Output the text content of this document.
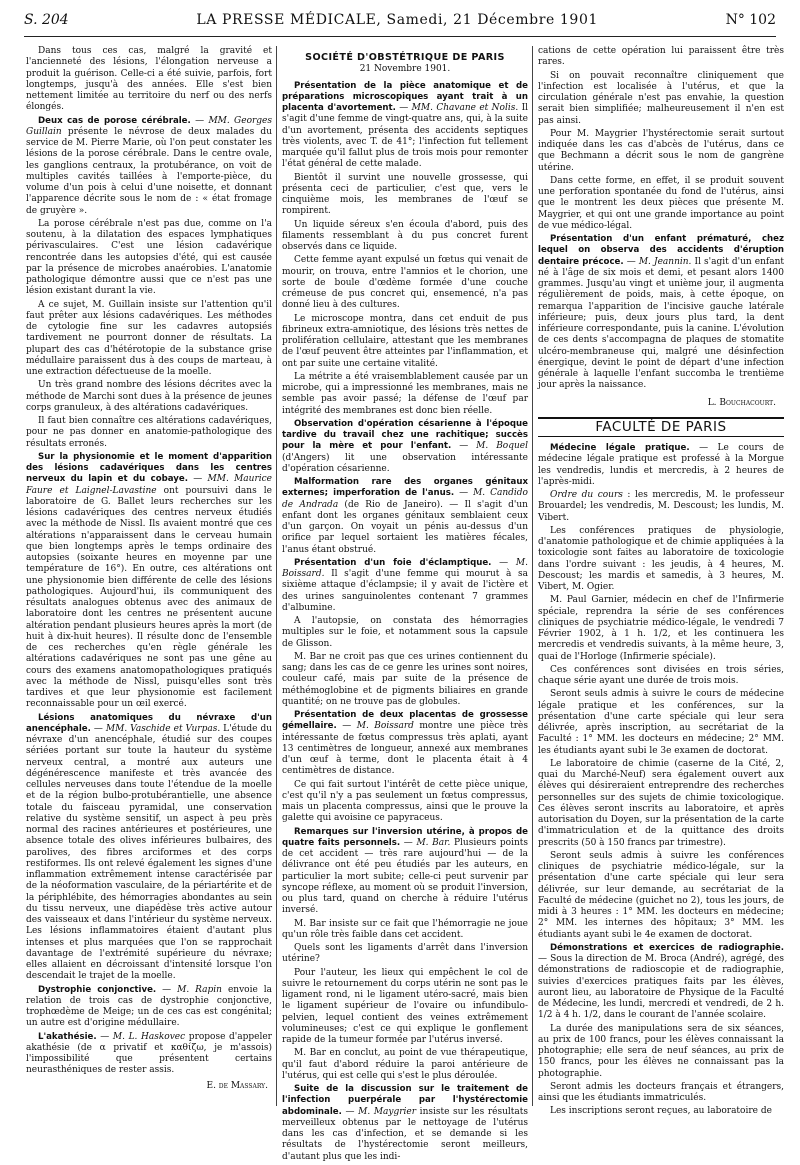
S. 204	LA PRESSE MÉDICALE, Samedi, 21 Décembre 1901	N° 102

Dans tous ces cas, malgré la gravité et l'ancienneté des lésions, l'élongation nerveuse a produit la guérison. Celle-ci a été suivie, parfois, fort longtemps, jusqu'à des années. Elle s'est bien nettement limitée au territoire du nerf ou des nerfs élongés.

Deux cas de porose cérébrale. — MM. Georges Guillain présente le névrose de deux malades du service de M. Pierre Marie, où l'on peut constater les lésions de la porose cérébrale. Dans le centre ovale, les ganglions centraux, la protubérance, on voit de multiples cavités taillées à l'emporte-pièce, du volume d'un pois à celui d'une noisette, et donnant l'apparence décrite sous le nom de : « état fromage de gruyère ».

La porose cérébrale n'est pas due, comme on l'a soutenu, à la dilatation des espaces lymphatiques périvasculaires. C'est une lésion cadavérique rencontrée dans les autopsies d'été, qui est causée par la présence de microbes anaérobies. L'anatomie pathologique démontre aussi que ce n'est pas une lésion existant durant la vie.

A ce sujet, M. Guillain insiste sur l'attention qu'il faut prêter aux lésions cadavériques. Les méthodes de cytologie fine sur les cadavres autopsiés tardivement ne pourront donner de résultats. La plupart des cas d'hétérotopie de la substance grise médullaire paraissent dus à des coups de marteau, à une extraction défectueuse de la moelle.

Un très grand nombre des lésions décrites avec la méthode de Marchi sont dues à la présence de jeunes corps granuleux, à des altérations cadavériques.

Il faut bien connaître ces altérations cadavériques, pour ne pas donner en anatomie-pathologique des résultats erronés.

Sur la physionomie et le moment d'apparition des lésions cadavériques dans les centres nerveux du lapin et du cobaye. — MM. Maurice Faure et Laignel-Lavastine ont poursuivi dans le laboratoire de G. Ballet leurs recherches sur les lésions cadavériques des centres nerveux étudiés avec la méthode de Nissl. Ils avaient montré que ces altérations n'apparaissent dans le cerveau humain que bien longtemps après le temps ordinaire des autopsies (soixante heures en moyenne par une température de 16°). En outre, ces altérations ont une physionomie bien différente de celle des lésions pathologiques. Aujourd'hui, ils communiquent des résultats analogues obtenus avec des animaux de laboratoire dont les centres ne présentent aucune altération pendant plusieurs heures après la mort (de huit à dix-huit heures). Il résulte donc de l'ensemble de ces recherches qu'en règle générale les altérations cadavériques ne sont pas une gêne au cours des examens anatomopathologiques pratiqués avec la méthode de Nissl, puisqu'elles sont très tardives et que leur physionomie est facilement reconnaissable pour un œil exercé.

Lésions anatomiques du névraxe d'un anencéphale. — MM. Vaschide et Vurpas. L'étude du névraxe d'un anencéphale, étudié sur des coupes sériées portant sur toute la hauteur du système nerveux central, a montré aux auteurs une dégénérescence manifeste et très avancée des cellules nerveuses dans toute l'étendue de la moelle et de la région bulbo-protubérantielle, une absence totale du faisceau pyramidal, une conservation relative du système sensitif, un aspect à peu près normal des racines antérieures et postérieures, une absence totale des olives inférieures bulbaires, des parolives, des fibres arciformes et des corps restiformes. Ils ont relevé également les signes d'une inflammation extrêmement intense caractérisée par de la néoformation vasculaire, de la périartérite et de la périphlébite, des hémorragies abondantes au sein du tissu nerveux, une diapédèse très active autour des vaisseaux et dans l'intérieur du système nerveux. Les lésions inflammatoires étaient d'autant plus intenses et plus marquées que l'on se rapprochait davantage de l'extrémité supérieure du névraxe; elles allaient en décroissant d'intensité lorsque l'on descendait le trajet de la moelle.

Dystrophie conjonctive. — M. Rapin envoie la relation de trois cas de dystrophie conjonctive, trophœdème de Meige; un de ces cas est congénital; un autre est d'origine médullaire.

L'akathésie. — M. L. Haskovec propose d'appeler akathésie (de α privatif et καθίζω, je m'assois) l'impossibilité que présentent certains neurasthéniques de rester assis.

E. de Massary.

SOCIÉTÉ D'OBSTÉTRIQUE DE PARIS
21 Novembre 1901.

Présentation de la pièce anatomique et de préparations microscopiques ayant trait à un placenta d'avortement. — MM. Chavane et Nolis. Il s'agit d'une femme de vingt-quatre ans, qui, à la suite d'un avortement, présenta des accidents septiques très violents, avec T. de 41°; l'infection fut tellement marquée qu'il fallut plus de trois mois pour remonter l'état général de cette malade.

Bientôt il survint une nouvelle grossesse, qui présenta ceci de particulier, c'est que, vers le cinquième mois, les membranes de l'œuf se rompirent.

Un liquide séreux s'en écoula d'abord, puis des filaments ressemblant à du pus concret furent observés dans ce liquide.

Cette femme ayant expulsé un fœtus qui venait de mourir, on trouva, entre l'amnios et le chorion, une sorte de boule d'œdème formée d'une couche crémeuse de pus concret qui, ensemencé, n'a pas donné lieu à des cultures.

Le microscope montra, dans cet enduit de pus fibrineux extra-amniotique, des lésions très nettes de prolifération cellulaire, attestant que les membranes de l'œuf peuvent être atteintes par l'inflammation, et ont par suite une certaine vitalité.

La métrite a été vraisemblablement causée par un microbe, qui a impressionné les membranes, mais ne semble pas avoir passé; la défense de l'œuf par intégrité des membranes est donc bien réelle.

Observation d'opération césarienne à l'époque tardive du travail chez une rachitique; succès pour la mère et pour l'enfant. — M. Boquel (d'Angers) lit une observation intéressante d'opération césarienne.

Malformation rare des organes génitaux externes; imperforation de l'anus. — M. Candido de Andrada (de Rio de Janeiro). — Il s'agit d'un enfant dont les organes génitaux semblaient ceux d'un garçon. On voyait un pénis au-dessus d'un orifice par lequel sortaient les matières fécales, l'anus étant obstrué.

Présentation d'un foie d'éclamptique. — M. Boissard. Il s'agit d'une femme qui mourut à sa sixième attaque d'éclampsie; il y avait de l'ictère et des urines sanguinolentes contenant 7 grammes d'albumine.

A l'autopsie, on constata des hémorragies multiples sur le foie, et notamment sous la capsule de Glisson.

M. Bar ne croit pas que ces urines contiennent du sang; dans les cas de ce genre les urines sont noires, couleur café, mais par suite de la présence de méthémoglobine et de pigments biliaires en grande quantité; on ne trouve pas de globules.

Présentation de deux placentas de grossesse gémellaire. — M. Boissard montre une pièce très intéressante de fœtus compressus très aplati, ayant 13 centimètres de longueur, annexé aux membranes d'un œuf à terme, dont le placenta était à 4 centimètres de distance.

Ce qui fait surtout l'intérêt de cette pièce unique, c'est qu'il n'y a pas seulement un fœtus compressus, mais un placenta compressus, ainsi que le prouve la galette qui avoisine ce papyraceus.

Remarques sur l'inversion utérine, à propos de quatre faits personnels. — M. Bar. Plusieurs points de cet accident — très rare aujourd'hui — de la délivrance ont été peu étudiés par les auteurs, en particulier la mort subite; celle-ci peut survenir par syncope réflexe, au moment où se produit l'inversion, ou plus tard, quand on cherche à réduire l'utérus inversé.

M. Bar insiste sur ce fait que l'hémorragie ne joue qu'un rôle très faible dans cet accident.

Quels sont les ligaments d'arrêt dans l'inversion utérine?

Pour l'auteur, les lieux qui empêchent le col de suivre le retournement du corps utérin ne sont pas le ligament rond, ni le ligament utéro-sacré, mais bien le ligament supérieur de l'ovaire ou infundibulo-pelvien, lequel contient des veines extrêmement volumineuses; c'est ce qui explique le gonflement rapide de la tumeur formée par l'utérus inversé.

M. Bar en conclut, au point de vue thérapeutique, qu'il faut d'abord réduire la paroi antérieure de l'utérus, qui est celle qui s'est le plus déroulée.

Suite de la discussion sur le traitement de l'infection puerpérale par l'hystérectomie abdominale. — M. Maygrier insiste sur les résultats merveilleux obtenus par le nettoyage de l'utérus dans les cas d'infection, et se demande si les résultats de l'hystérectomie seront meilleurs, d'autant plus que les indi-

cations de cette opération lui paraissent être très rares.

Si on pouvait reconnaître cliniquement que l'infection est localisée à l'utérus, et que la circulation générale n'est pas envahie, la question serait bien simplifiée; malheureusement il n'en est pas ainsi.

Pour M. Maygrier l'hystérectomie serait surtout indiquée dans les cas d'abcès de l'utérus, dans ce que Bechmann a décrit sous le nom de gangrène utérine.

Dans cette forme, en effet, il se produit souvent une perforation spontanée du fond de l'utérus, ainsi que le montrent les deux pièces que présente M. Maygrier, et qui ont une grande importance au point de vue médico-légal.

Présentation d'un enfant prématuré, chez lequel on observa des accidents d'éruption dentaire précoce. — M. Jeannin. Il s'agit d'un enfant né à l'âge de six mois et demi, et pesant alors 1400 grammes. Jusqu'au vingt et unième jour, il augmenta régulièrement de poids, mais, à cette époque, on remarqua l'apparition de l'incisive gauche latérale inférieure; puis, deux jours plus tard, la dent inférieure correspondante, puis la canine. L'évolution de ces dents s'accompagna de plaques de stomatite ulcéro-membraneuse qui, malgré une désinfection énergique, devint le point de départ d'une infection générale à laquelle l'enfant succomba le trentième jour après la naissance.

L. Bouchacourt.

FACULTÉ DE PARIS

Médecine légale pratique. — Le cours de médecine légale pratique est professé à la Morgue les vendredis, lundis et mercredis, à 2 heures de l'après-midi.

Ordre du cours : les mercredis, M. le professeur Brouardel; les vendredis, M. Descoust; les lundis, M. Vibert.

Les conférences pratiques de physiologie, d'anatomie pathologique et de chimie appliquées à la toxicologie sont faites au laboratoire de toxicologie dans l'ordre suivant : les jeudis, à 4 heures, M. Descoust; les mardis et samedis, à 3 heures, M. Vibert, M. Ogier.

M. Paul Garnier, médecin en chef de l'Infirmerie spéciale, reprendra la série de ses conférences cliniques de psychiatrie médico-légale, le vendredi 7 Février 1902, à 1 h. 1/2, et les continuera les mercredis et vendredis suivants, à la même heure, 3, quai de l'Horloge (Infirmerie spéciale).

Ces conférences sont divisées en trois séries, chaque série ayant une durée de trois mois.

Seront seuls admis à suivre le cours de médecine légale pratique et les conférences, sur la présentation d'une carte spéciale qui leur sera délivrée, après inscription, au secrétariat de la Faculté : 1° MM. les docteurs en médecine; 2° MM. les étudiants ayant subi le 3e examen de doctorat.

Le laboratoire de chimie (caserne de la Cité, 2, quai du Marché-Neuf) sera également ouvert aux élèves qui désireraient entreprendre des recherches personnelles sur des sujets de chimie toxicologique. Ces élèves seront inscrits au laboratoire, et après autorisation du Doyen, sur la présentation de la carte d'immatriculation et de la quittance des droits prescrits (50 à 150 francs par trimestre).

Seront seuls admis à suivre les conférences cliniques de psychiatrie médico-légale, sur la présentation d'une carte spéciale qui leur sera délivrée, sur leur demande, au secrétariat de la Faculté de médecine (guichet no 2), tous les jours, de midi à 3 heures : 1° MM. les docteurs en médecine; 2° MM. les internes des hôpitaux; 3° MM. les étudiants ayant subi le 4e examen de doctorat.

Démonstrations et exercices de radiographie. — Sous la direction de M. Broca (André), agrégé, des démonstrations de radioscopie et de radiographie, suivies d'exercices pratiques faits par les élèves, auront lieu, au laboratoire de Physique de la Faculté de Médecine, les lundi, mercredi et vendredi, de 2 h. 1/2 à 4 h. 1/2, dans le courant de l'année scolaire.

La durée des manipulations sera de six séances, au prix de 100 francs, pour les élèves connaissant la photographie; elle sera de neuf séances, au prix de 150 francs, pour les élèves ne connaissant pas la photographie.

Seront admis les docteurs français et étrangers, ainsi que les étudiants immatriculés.

Les inscriptions seront reçues, au laboratoire de
